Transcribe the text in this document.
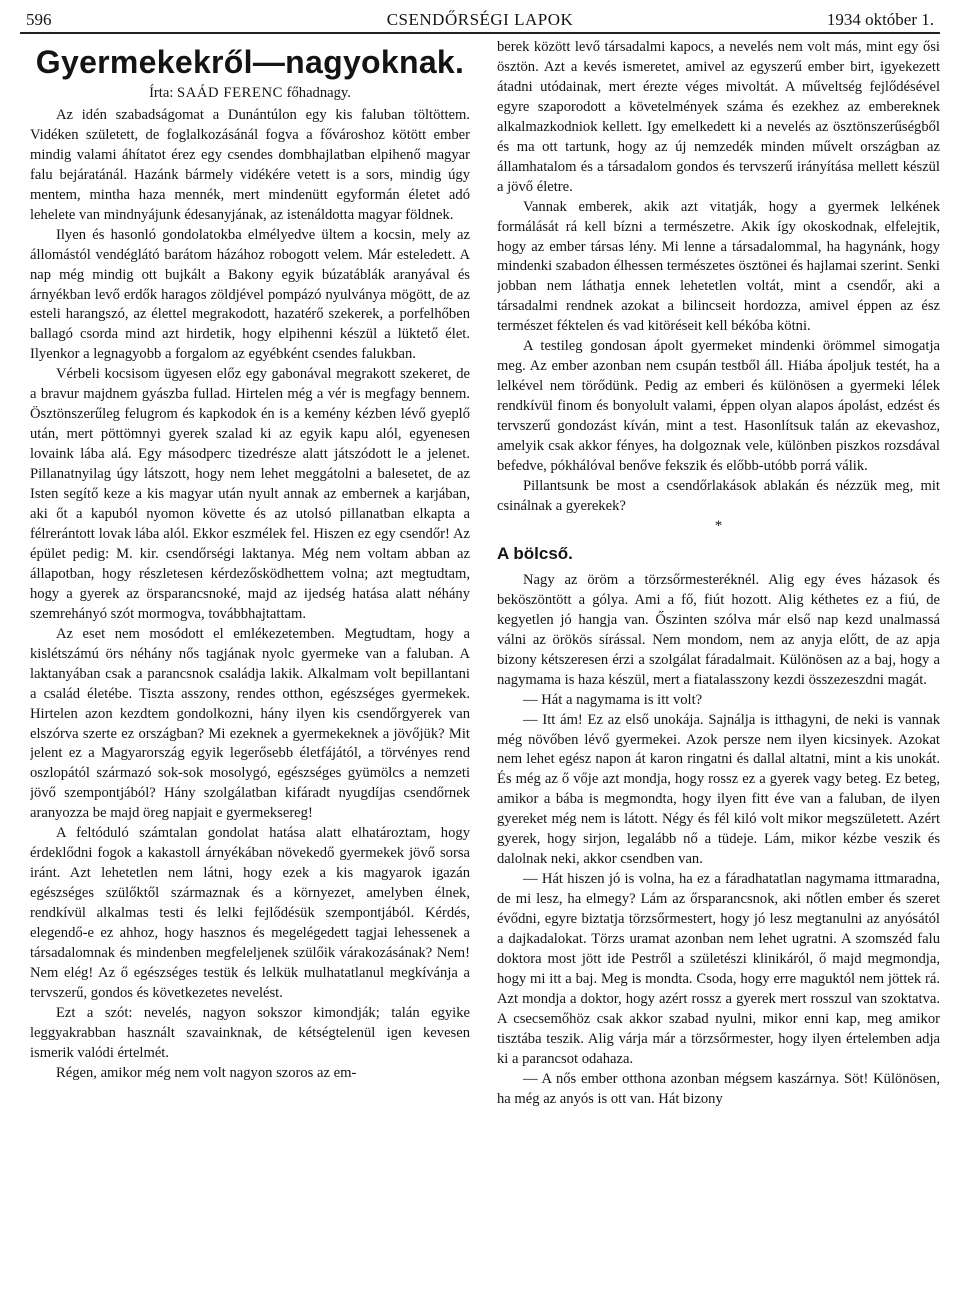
596	CSENDŐRSÉGI LAPOK	1934 október 1.
Gyermekekről—nagyoknak.
Írta: SAÁD FERENC főhadnagy.

Az idén szabadságomat a Dunántúlon egy kis faluban töltöttem. Vidéken született, de foglalkozásánál fogva a fővároshoz kötött ember mindig valami áhítatot érez egy csendes dombhajlatban elpihenő magyar falu bejáratánál. Hazánk bármely vidékére vetett is a sors, mindig úgy mentem, mintha haza mennék, mert mindenütt egyformán életet adó lehelete van mindnyájunk édesanyjának, az istenáldotta magyar földnek.

Ilyen és hasonló gondolatokba elmélyedve ültem a kocsin, mely az állomástól vendéglátó barátom házához robogott velem. Már esteledett. A nap még mindig ott bujkált a Bakony egyik búzatáblák aranyával és árnyékban levő erdők haragos zöldjével pompázó nyulványa mögött, de az esteli harangszó, az élettel megrakodott, hazatérő szekerek, a porfelhőben ballagó csorda mind azt hirdetik, hogy elpihenni készül a lüktető élet. Ilyenkor a legnagyobb a forgalom az egyébként csendes falukban.

Vérbeli kocsisom ügyesen előz egy gabonával megrakott szekeret, de a bravur majdnem gyászba fullad. Hirtelen még a vér is megfagy bennem. Ösztönszerűleg felugrom és kapkodok én is a kemény kézben lévő gyeplő után, mert pöttömnyi gyerek szalad ki az egyik kapu alól, egyenesen lovaink lába alá. Egy másodperc tizedrésze alatt játszódott le a jelenet. Pillanatnyilag úgy látszott, hogy nem lehet meggátolni a balesetet, de az Isten segítő keze a kis magyar után nyult annak az embernek a karjában, aki őt a kapuból nyomon követte és az utolsó pillanatban elkapta a félrerántott lovak lába alól. Ekkor eszmélek fel. Hiszen ez egy csendőr! Az épület pedig: M. kir. csendőrségi laktanya. Még nem voltam abban az állapotban, hogy részletesen kérdezősködhettem volna; azt megtudtam, hogy a gyerek az örsparancsnoké, majd az ijedség hatása alatt néhány szemrehányó szót mormogva, továbbhajtattam.

Az eset nem mosódott el emlékezetemben. Megtudtam, hogy a kislétszámú örs néhány nős tagjának nyolc gyermeke van a faluban. A laktanyában csak a parancsnok családja lakik. Alkalmam volt bepillantani a család életébe. Tiszta asszony, rendes otthon, egészséges gyermekek. Hirtelen azon kezdtem gondolkozni, hány ilyen kis csendőrgyerek van elszórva szerte ez országban? Mi ezeknek a gyermekeknek a jövőjük? Mit jelent ez a Magyarország egyik legerősebb életfájától, a törvényes rend oszlopától származó sok-sok mosolygó, egészséges gyümölcs a nemzeti jövő szempontjából? Hány szolgálatban kifáradt nyugdíjas csendőrnek aranyozza be majd öreg napjait e gyermeksereg!

A feltóduló számtalan gondolat hatása alatt elhatároztam, hogy érdeklődni fogok a kakastoll árnyékában növekedő gyermekek jövő sorsa iránt. Azt lehetetlen nem látni, hogy ezek a kis magyarok igazán egészséges szülőktől származnak és a környezet, amelyben élnek, rendkívül alkalmas testi és lelki fejlődésük szempontjából. Kérdés, elegendő-e ez ahhoz, hogy hasznos és megelégedett tagjai lehessenek a társadalomnak és mindenben megfeleljenek szülőik várakozásának? Nem! Nem elég! Az ő egészséges testük és lelkük mulhatatlanul megkívánja a tervszerű, gondos és következetes nevelést.

Ezt a szót: nevelés, nagyon sokszor kimondják; talán egyike leggyakrabban használt szavainknak, de kétségtelenül igen kevesen ismerik valódi értelmét.

Régen, amikor még nem volt nagyon szoros az em-

berek között levő társadalmi kapocs, a nevelés nem volt más, mint egy ősi ösztön. Azt a kevés ismeretet, amivel az egyszerű ember birt, igyekezett átadni utódainak, mert érezte véges mivoltát. A műveltség fejlődésével egyre szaporodott a követelmények száma és ezekhez az embereknek alkalmazkodniok kellett. Igy emelkedett ki a nevelés az ösztönszerűségből és ma ott tartunk, hogy az új nemzedék minden művelt országban az államhatalom és a társadalom gondos és tervszerű irányítása mellett készül a jövő életre.

Vannak emberek, akik azt vitatják, hogy a gyermek lelkének formálását rá kell bízni a természetre. Akik így okoskodnak, elfelejtik, hogy az ember társas lény. Mi lenne a társadalommal, ha hagynánk, hogy mindenki szabadon élhessen természetes ösztönei és hajlamai szerint. Senki jobban nem láthatja ennek lehetetlen voltát, mint a csendőr, aki a társadalmi rendnek azokat a bilincseit hordozza, amivel éppen az ész természet féktelen és vad kitöréseit kell békóba kötni.

A testileg gondosan ápolt gyermeket mindenki örömmel simogatja meg. Az ember azonban nem csupán testből áll. Hiába ápoljuk testét, ha a lelkével nem törődünk. Pedig az emberi és különösen a gyermeki lélek rendkívül finom és bonyolult valami, éppen olyan alapos ápolást, edzést és tervszerű gondozást kíván, mint a test. Hasonlítsuk talán az ekevashoz, amelyik csak akkor fényes, ha dolgoznak vele, különben piszkos rozsdával befedve, pókhálóval benőve fekszik és előbb-utóbb porrá válik.

Pillantsunk be most a csendőrlakások ablakán és nézzük meg, mit csinálnak a gyerekek?

*

A bölcső.

Nagy az öröm a törzsőrmesteréknél. Alig egy éves házasok és beköszöntött a gólya. Ami a fő, fiút hozott. Alig kéthetes ez a fiú, de kegyetlen jó hangja van. Őszinten szólva már első nap kezd unalmassá válni az örökös sírással. Nem mondom, nem az anyja előtt, de az apja bizony kétszeresen érzi a szolgálat fáradalmait. Különösen az a baj, hogy a nagymama is haza készül, mert a fiatalasszony kezdi összezeszdni magát.

— Hát a nagymama is itt volt?

— Itt ám! Ez az első unokája. Sajnálja is itthagyni, de neki is vannak még növőben lévő gyermekei. Azok persze nem ilyen kicsinyek. Azokat nem lehet egész napon át karon ringatni és dallal altatni, mint a kis unokát. És még az ő vője azt mondja, hogy rossz ez a gyerek vagy beteg. Ez beteg, amikor a bába is megmondta, hogy ilyen fitt éve van a faluban, de ilyen gyereket még nem is látott. Négy és fél kiló volt mikor megszületett. Azért gyerek, hogy sirjon, legalább nő a tüdeje. Lám, mikor kézbe veszik és dalolnak neki, akkor csendben van.

— Hát hiszen jó is volna, ha ez a fáradhatatlan nagymama ittmaradna, de mi lesz, ha elmegy? Lám az őrsparancsnok, aki nőtlen ember és szeret évődni, egyre biztatja törzsőrmestert, hogy jó lesz megtanulni az anyósától a dajkadalokat. Törzs uramat azonban nem lehet ugratni. A szomszéd falu doktora most jött ide Pestről a születészi klinikáról, ő majd megmondja, hogy mi itt a baj. Meg is mondta. Csoda, hogy erre maguktól nem jöttek rá. Azt mondja a doktor, hogy azért rossz a gyerek mert rosszul van szoktatva. A csecsemőhöz csak akkor szabad nyulni, mikor enni kap, meg amikor tisztába teszik. Alig várja már a törzsőrmester, hogy ilyen értelemben adja ki a parancsot odahaza.

— A nős ember otthona azonban mégsem kaszárnya. Söt! Különösen, ha még az anyós is ott van. Hát bizony
